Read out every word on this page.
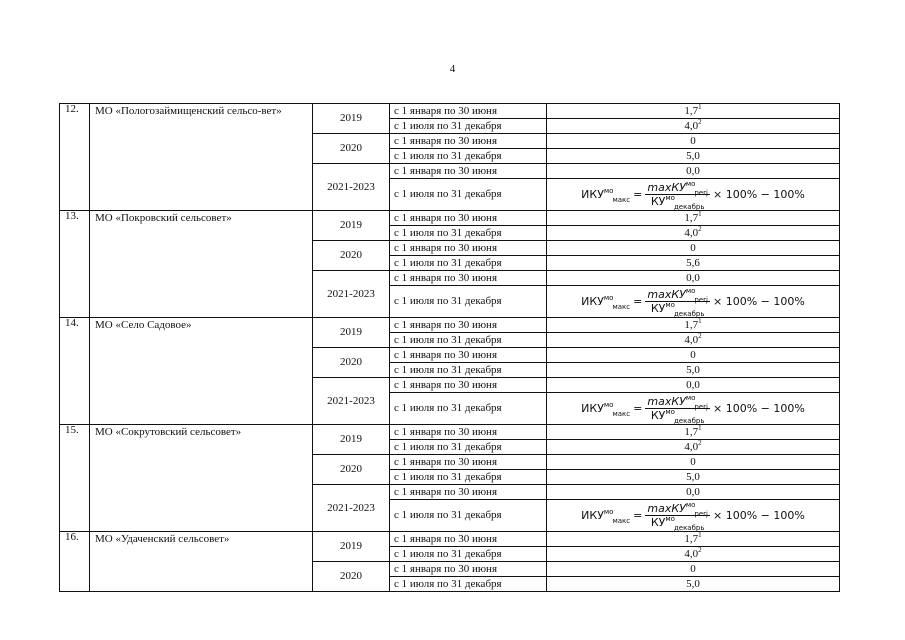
4
12.	МО «Пологозаймищенский сельсо-вет»	2019	с 1 января по 30 июня	$1,7^1$
			с 1 июля по 31 декабря	$4,0^2$
		2020	с 1 января по 30 июня	0
			с 1 июля по 31 декабря	5,0
		2021-2023	с 1 января по 30 июня	0,0
			с 1 июля по 31 декабря	$ИКУ^{мо}_{макс} = \frac{\max КУ^{мо}_{perj}}{КУ^{мо}_{декабрь}} \times 100\% - 100\%$

13.	МО «Покровский сельсовет»	2019	с 1 января по 30 июня	$1,7^1$
			с 1 июля по 31 декабря	$4,0^2$
		2020	с 1 января по 30 июня	0
			с 1 июля по 31 декабря	5,6
		2021-2023	с 1 января по 30 июня	0,0
			с 1 июля по 31 декабря	$ИКУ^{мо}_{макс} = \frac{\max КУ^{мо}_{perj}}{КУ^{мо}_{декабрь}} \times 100\% - 100\%$

14.	МО «Село Садовое»	2019	с 1 января по 30 июня	$1,7^1$
			с 1 июля по 31 декабря	$4,0^2$
		2020	с 1 января по 30 июня	0
			с 1 июля по 31 декабря	5,0
		2021-2023	с 1 января по 30 июня	0,0
			с 1 июля по 31 декабря	$ИКУ^{мо}_{макс} = \frac{\max КУ^{мо}_{perj}}{КУ^{мо}_{декабрь}} \times 100\% - 100\%$

15.	МО «Сокрутовский сельсовет»	2019	с 1 января по 30 июня	$1,7^1$
			с 1 июля по 31 декабря	$4,0^2$
		2020	с 1 января по 30 июня	0
			с 1 июля по 31 декабря	5,0
		2021-2023	с 1 января по 30 июня	0,0
			с 1 июля по 31 декабря	$ИКУ^{мо}_{макс} = \frac{\max КУ^{мо}_{perj}}{КУ^{мо}_{декабрь}} \times 100\% - 100\%$

16.	МО «Удаченский сельсовет»	2019	с 1 января по 30 июня	$1,7^1$
			с 1 июля по 31 декабря	$4,0^2$
		2020	с 1 января по 30 июня	0
			с 1 июля по 31 декабря	5,0
